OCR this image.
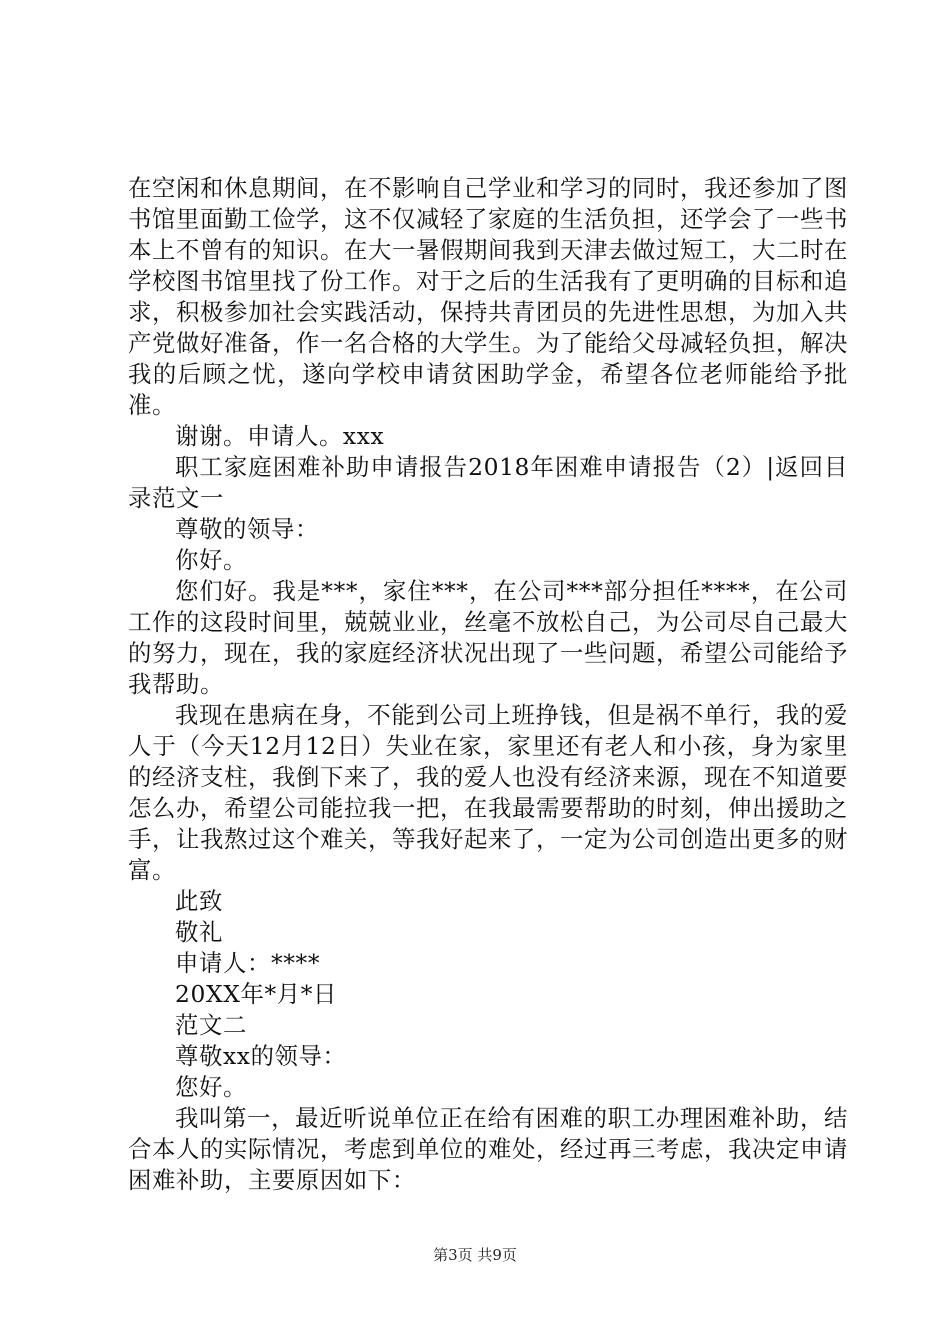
在空闲和休息期间，在不影响自己学业和学习的同时，我还参加了图书馆里面勤工俭学，这不仅减轻了家庭的生活负担，还学会了一些书本上不曾有的知识。在大一暑假期间我到天津去做过短工，大二时在学校图书馆里找了份工作。对于之后的生活我有了更明确的目标和追求，积极参加社会实践活动，保持共青团员的先进性思想，为加入共产党做好准备，作一名合格的大学生。为了能给父母减轻负担，解决我的后顾之忧，遂向学校申请贫困助学金，希望各位老师能给予批准。

谢谢。申请人。xxx

职工家庭困难补助申请报告2018年困难申请报告（2）|返回目录范文一

尊敬的领导：

你好。

您们好。我是***，家住***，在公司***部分担任****，在公司工作的这段时间里，兢兢业业，丝毫不放松自己，为公司尽自己最大的努力，现在，我的家庭经济状况出现了一些问题，希望公司能给予我帮助。

我现在患病在身，不能到公司上班挣钱，但是祸不单行，我的爱人于（今天12月12日）失业在家，家里还有老人和小孩，身为家里的经济支柱，我倒下来了，我的爱人也没有经济来源，现在不知道要怎么办，希望公司能拉我一把，在我最需要帮助的时刻，伸出援助之手，让我熬过这个难关，等我好起来了，一定为公司创造出更多的财富。

此致

敬礼

申请人：****

20XX年*月*日

范文二

尊敬xx的领导：

您好。

我叫第一，最近听说单位正在给有困难的职工办理困难补助，结合本人的实际情况，考虑到单位的难处，经过再三考虑，我决定申请困难补助，主要原因如下：

第3页 共9页
